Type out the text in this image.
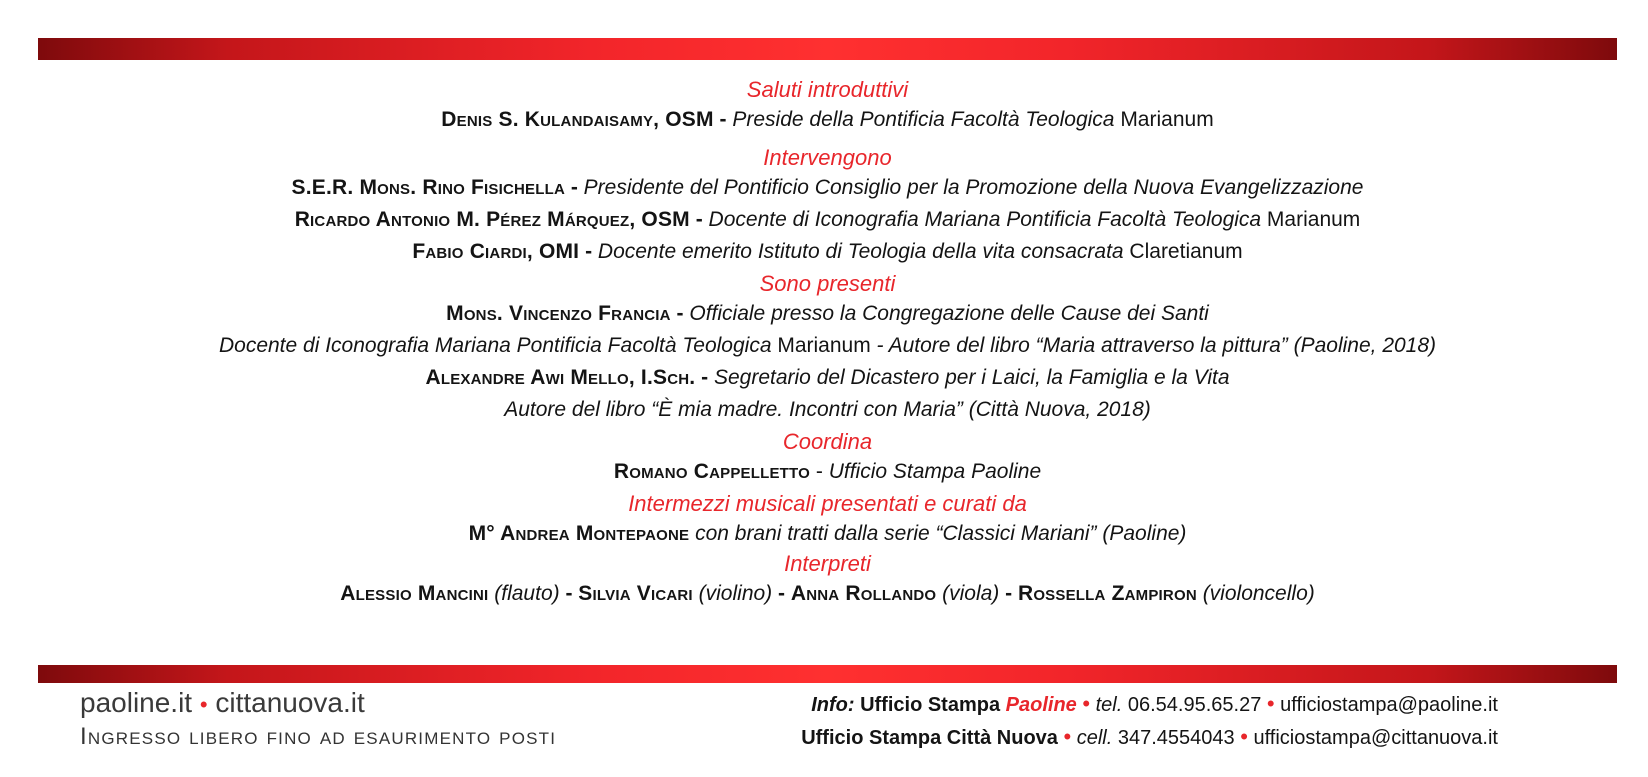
Saluti introduttivi
Denis S. Kulandaisamy, OSM - Preside della Pontificia Facoltà Teologica Marianum
Intervengono
S.E.R. Mons. Rino Fisichella - Presidente del Pontificio Consiglio per la Promozione della Nuova Evangelizzazione
Ricardo Antonio M. Pérez Márquez, OSM - Docente di Iconografia Mariana Pontificia Facoltà Teologica Marianum
Fabio Ciardi, OMI - Docente emerito Istituto di Teologia della vita consacrata Claretianum
Sono presenti
Mons. Vincenzo Francia - Officiale presso la Congregazione delle Cause dei Santi
Docente di Iconografia Mariana Pontificia Facoltà Teologica Marianum - Autore del libro “Maria attraverso la pittura” (Paoline, 2018)
Alexandre Awi Mello, I.Sch. - Segretario del Dicastero per i Laici, la Famiglia e la Vita
Autore del libro “È mia madre. Incontri con Maria” (Città Nuova, 2018)
Coordina
Romano Cappelletto - Ufficio Stampa Paoline
Intermezzi musicali presentati e curati da
M° Andrea Montepaone con brani tratti dalla serie “Classici Mariani” (Paoline)
Interpreti
Alessio Mancini (flauto) - Silvia Vicari (violino) - Anna Rollando (viola) - Rossella Zampiron (violoncello)
paoline.it • cittanuova.it
Ingresso libero fino ad esaurimento posti
Info: Ufficio Stampa Paoline • tel. 06.54.95.65.27 • ufficiostampa@paoline.it
Ufficio Stampa Città Nuova • cell. 347.4554043 • ufficiostampa@cittanuova.it
